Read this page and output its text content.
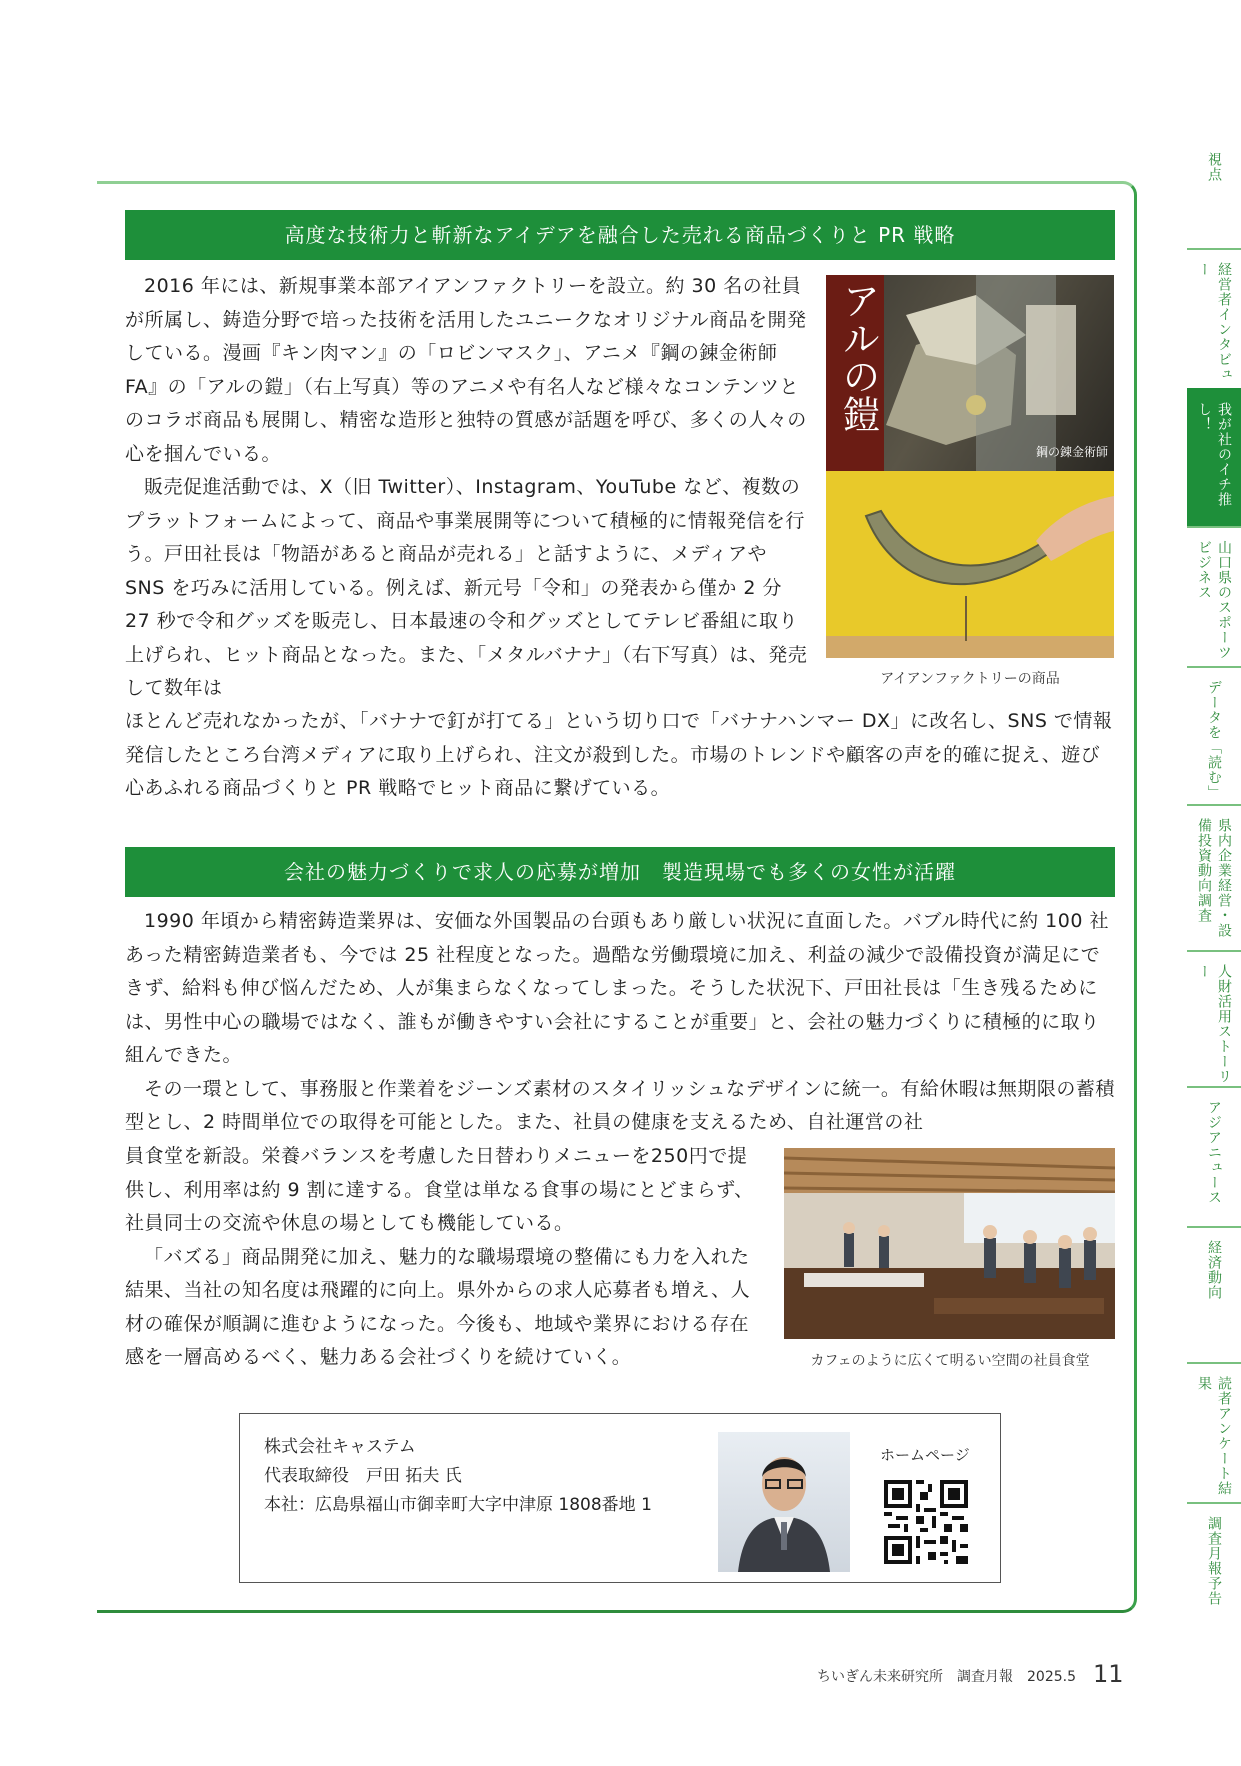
視点
経営者インタビュー
我が社のイチ推し！
山口県のスポーツビジネス
データを「読む」
県内企業経営・設備投資動向調査
人財活用ストーリー
アジアニュース
経済動向
読者アンケート結果
調査月報予告
高度な技術力と斬新なアイデアを融合した売れる商品づくりと PR 戦略

2016 年には、新規事業本部アイアンファクトリーを設立。約 30 名の社員が所属し、鋳造分野で培った技術を活用したユニークなオリジナル商品を開発している。漫画『キン肉マン』の「ロビンマスク」、アニメ『鋼の錬金術師 FA』の「アルの鎧」（右上写真）等のアニメや有名人など様々なコンテンツとのコラボ商品も展開し、精密な造形と独特の質感が話題を呼び、多くの人々の心を掴んでいる。

販売促進活動では、X（旧 Twitter）、Instagram、YouTube など、複数のプラットフォームによって、商品や事業展開等について積極的に情報発信を行う。戸田社長は「物語があると商品が売れる」と話すように、メディアや SNS を巧みに活用している。例えば、新元号「令和」の発表から僅か 2 分 27 秒で令和グッズを販売し、日本最速の令和グッズとしてテレビ番組に取り上げられ、ヒット商品となった。また、「メタルバナナ」（右下写真）は、発売して数年は

ほとんど売れなかったが、「バナナで釘が打てる」という切り口で「バナナハンマー DX」に改名し、SNS で情報発信したところ台湾メディアに取り上げられ、注文が殺到した。市場のトレンドや顧客の声を的確に捉え、遊び心あふれる商品づくりと PR 戦略でヒット商品に繋げている。

アルの鎧
鋼の錬金術師
アイアンファクトリーの商品
会社の魅力づくりで求人の応募が増加　製造現場でも多くの女性が活躍

1990 年頃から精密鋳造業界は、安価な外国製品の台頭もあり厳しい状況に直面した。バブル時代に約 100 社あった精密鋳造業者も、今では 25 社程度となった。過酷な労働環境に加え、利益の減少で設備投資が満足にできず、給料も伸び悩んだため、人が集まらなくなってしまった。そうした状況下、戸田社長は「生き残るためには、男性中心の職場ではなく、誰もが働きやすい会社にすることが重要」と、会社の魅力づくりに積極的に取り組んできた。

その一環として、事務服と作業着をジーンズ素材のスタイリッシュなデザインに統一。有給休暇は無期限の蓄積型とし、2 時間単位での取得を可能とした。また、社員の健康を支えるため、自社運営の社

員食堂を新設。栄養バランスを考慮した日替わりメニューを250円で提供し、利用率は約 9 割に達する。食堂は単なる食事の場にとどまらず、社員同士の交流や休息の場としても機能している。

「バズる」商品開発に加え、魅力的な職場環境の整備にも力を入れた結果、当社の知名度は飛躍的に向上。県外からの求人応募者も増え、人材の確保が順調に進むようになった。今後も、地域や業界における存在感を一層高めるべく、魅力ある会社づくりを続けていく。	カフェのように広くて明るい空間の社員食堂
株式会社キャステム
代表取締役　戸田 拓夫 氏
本社：広島県福山市御幸町大字中津原 1808番地 1
ホームページ
ちいぎん未来研究所　調査月報　2025.5 11
